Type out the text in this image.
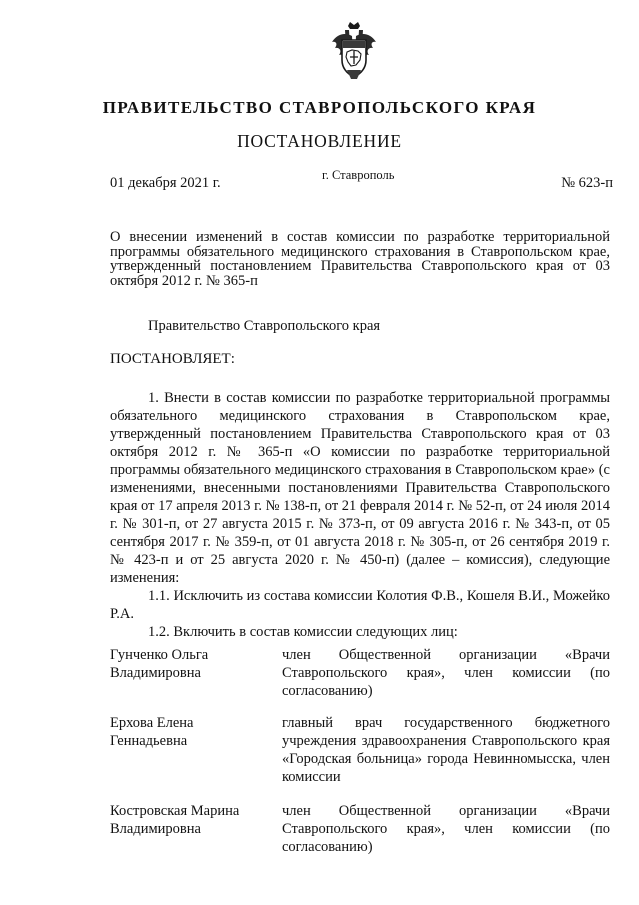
ПРАВИТЕЛЬСТВО СТАВРОПОЛЬСКОГО КРАЯ
ПОСТАНОВЛЕНИЕ
01 декабря 2021 г.	г. Ставрополь	№ 623-п
О внесении изменений в состав комиссии по разработке территориальной программы обязательного медицинского страхования в Ставропольском крае, утвержденный постановлением Правительства Ставропольского края от 03 октября 2012 г. № 365-п
Правительство Ставропольского края
ПОСТАНОВЛЯЕТ:

1. Внести в состав комиссии по разработке территориальной программы обязательного медицинского страхования в Ставропольском крае, утвержденный постановлением Правительства Ставропольского края от 03 октября 2012 г. № 365-п «О комиссии по разработке территориальной программы обязательного медицинского страхования в Ставропольском крае» (с изменениями, внесенными постановлениями Правительства Ставропольского края от 17 апреля 2013 г. № 138-п, от 21 февраля 2014 г. № 52-п, от 24 июля 2014 г. № 301-п, от 27 августа 2015 г. № 373-п, от 09 августа 2016 г. № 343-п, от 05 сентября 2017 г. № 359-п, от 01 августа 2018 г. № 305-п, от 26 сентября 2019 г. № 423-п и от 25 августа 2020 г. № 450-п) (далее – комиссия), следующие изменения:

1.1. Исключить из состава комиссии Колотия Ф.В., Кошеля В.И., Можейко Р.А.

1.2. Включить в состав комиссии следующих лиц:

Гунченко Ольга Владимировна
член Общественной организации «Врачи Ставропольского края», член комиссии (по согласованию)
Ерхова Елена Геннадьевна
главный врач государственного бюджетного учреждения здравоохранения Ставропольского края «Городская больница» города Невинномысска, член комиссии
Костровская Марина Владимировна
член Общественной организации «Врачи Ставропольского края», член комиссии (по согласованию)
